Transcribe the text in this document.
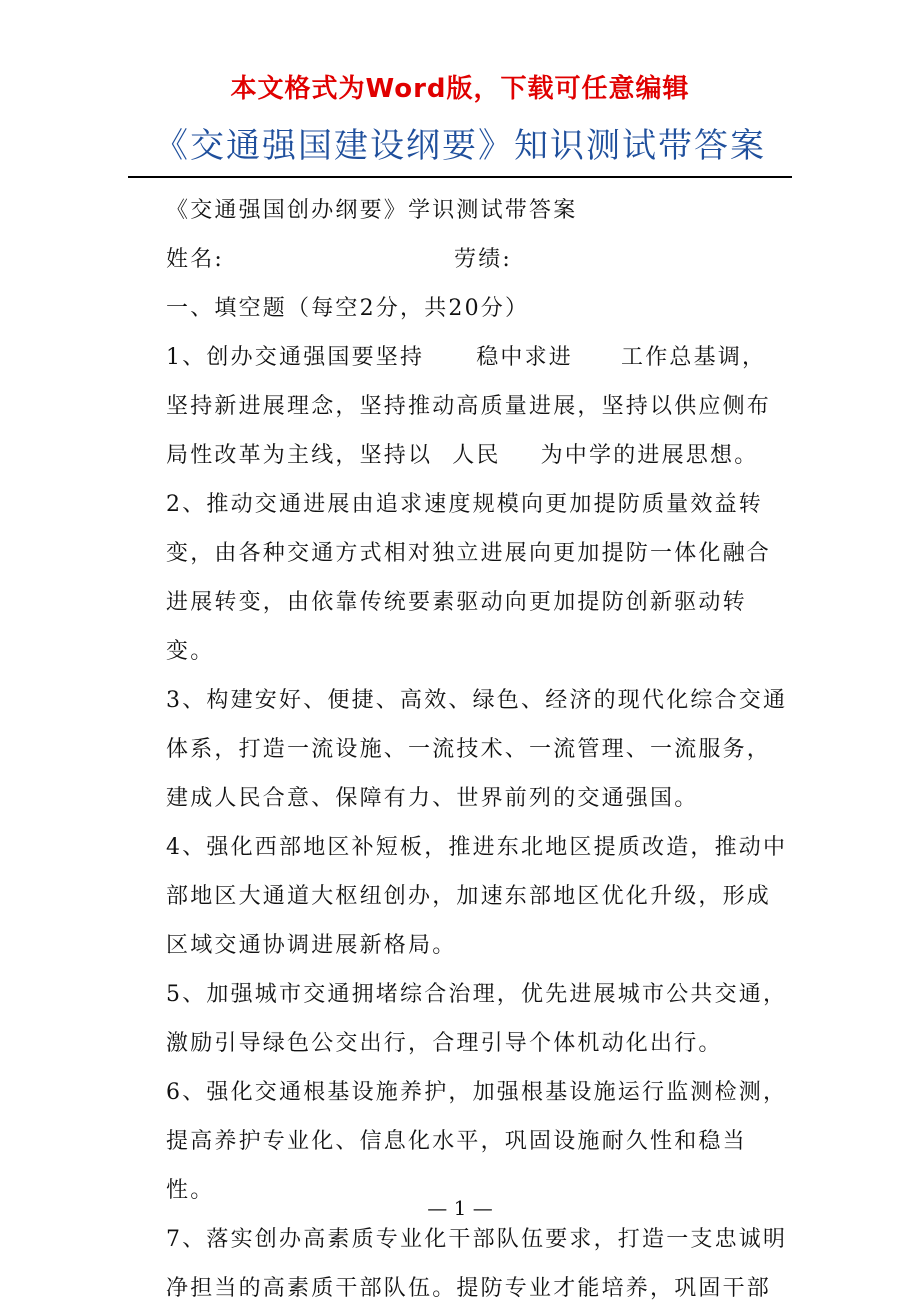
本文格式为Word版，下载可任意编辑
《交通强国建设纲要》知识测试带答案

《交通强国创办纲要》学识测试带答案

姓名:	劳绩:

一、填空题（每空2分，共20分）

1、创办交通强国要坚持 稳中求进 工作总基调，坚持新进展理念，坚持推动高质量进展，坚持以供应侧布局性改革为主线，坚持以 人民 为中学的进展思想。 2、推动交通进展由追求速度规模向更加提防质量效益转变，由各种交通方式相对独立进展向更加提防一体化融合进展转变，由依靠传统要素驱动向更加提防创新驱动转变。

3、构建安好、便捷、高效、绿色、经济的现代化综合交通体系，打造一流设施、一流技术、一流管理、一流服务，建成人民合意、保障有力、世界前列的交通强国。

4、强化西部地区补短板，推进东北地区提质改造，推动中部地区大通道大枢纽创办，加速东部地区优化升级，形成区域交通协调进展新格局。

5、加强城市交通拥堵综合治理，优先进展城市公共交通，激励引导绿色公交出行，合理引导个体机动化出行。

6、强化交通根基设施养护，加强根基设施运行监测检测，提高养护专业化、信息化水平，巩固设施耐久性和稳当性。

7、落实创办高素质专业化干部队伍要求，打造一支忠诚明净担当的高素质干部队伍。提防专业才能培养，巩固干部

— 1 —
